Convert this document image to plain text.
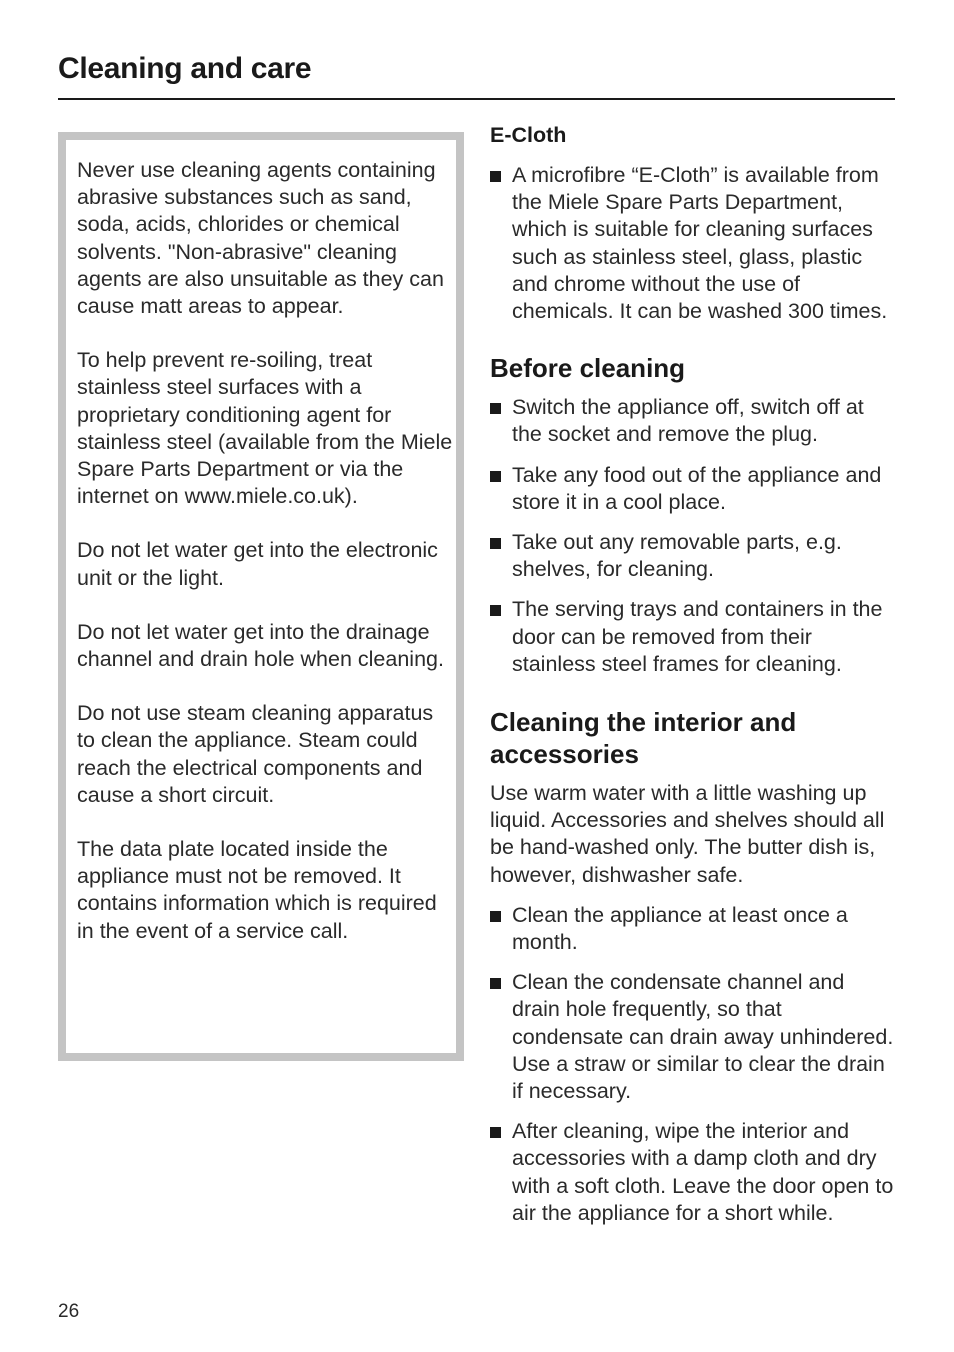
Cleaning and care

Never use cleaning agents containing abrasive substances such as sand, soda, acids, chlorides or chemical solvents. "Non-abrasive" cleaning agents are also unsuitable as they can cause matt areas to appear.

To help prevent re-soiling, treat stainless steel surfaces with a proprietary conditioning agent for stainless steel (available from the Miele Spare Parts Department or via the internet on www.miele.co.uk).

Do not let water get into the electronic unit or the light.

Do not let water get into the drainage channel and drain hole when cleaning.

Do not use steam cleaning apparatus to clean the appliance. Steam could reach the electrical components and cause a short circuit.

The data plate located inside the appliance must not be removed. It contains information which is required in the event of a service call.

E-Cloth
A microfibre “E-Cloth” is available from the Miele Spare Parts Department, which is suitable for cleaning surfaces such as stainless steel, glass, plastic and chrome without the use of chemicals. It can be washed 300 times.
Before cleaning
Switch the appliance off, switch off at the socket and remove the plug.
Take any food out of the appliance and store it in a cool place.
Take out any removable parts, e.g. shelves, for cleaning.
The serving trays and containers in the door can be removed from their stainless steel frames for cleaning.
Cleaning the interior and accessories

Use warm water with a little washing up liquid. Accessories and shelves should all be hand-washed only. The butter dish is, however, dishwasher safe.

Clean the appliance at least once a month.
Clean the condensate channel and drain hole frequently, so that condensate can drain away unhindered. Use a straw or similar to clear the drain if necessary.
After cleaning, wipe the interior and accessories with a damp cloth and dry with a soft cloth. Leave the door open to air the appliance for a short while.
26
